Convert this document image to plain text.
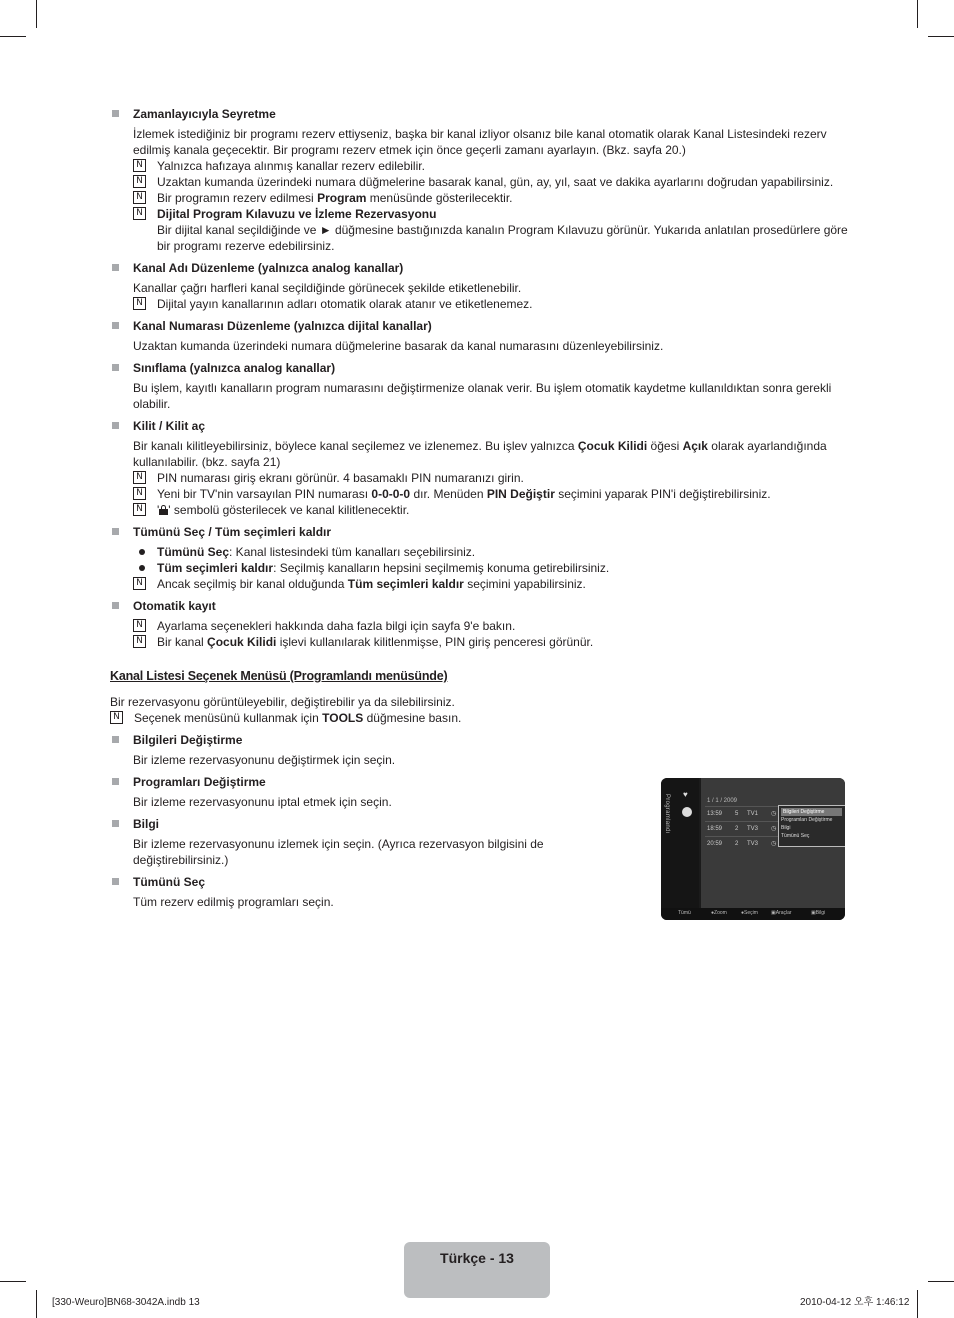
Zamanlayıcıyla Seyretme
İzlemek istediğiniz bir programı rezerv ettiyseniz, başka bir kanal izliyor olsanız bile kanal otomatik olarak Kanal Listesindeki rezerv edilmiş kanala geçecektir. Bir programı rezerv etmek için önce geçerli zamanı ayarlayın. (Bkz. sayfa 20.)
N Yalnızca hafızaya alınmış kanallar rezerv edilebilir.
N Uzaktan kumanda üzerindeki numara düğmelerine basarak kanal, gün, ay, yıl, saat ve dakika ayarlarını doğrudan yapabilirsiniz.
N Bir programın rezerv edilmesi Program menüsünde gösterilecektir.
N Dijital Program Kılavuzu ve İzleme Rezervasyonu
Bir dijital kanal seçildiğinde ve ► düğmesine bastığınızda kanalın Program Kılavuzu görünür. Yukarıda anlatılan prosedürlere göre bir programı rezerve edebilirsiniz.
Kanal Adı Düzenleme (yalnızca analog kanallar)
Kanallar çağrı harfleri kanal seçildiğinde görünecek şekilde etiketlenebilir.
N Dijital yayın kanallarının adları otomatik olarak atanır ve etiketlenemez.
Kanal Numarası Düzenleme (yalnızca dijital kanallar)
Uzaktan kumanda üzerindeki numara düğmelerine basarak da kanal numarasını düzenleyebilirsiniz.
Sınıflama (yalnızca analog kanallar)
Bu işlem, kayıtlı kanalların program numarasını değiştirmenize olanak verir. Bu işlem otomatik kaydetme kullanıldıktan sonra gerekli olabilir.
Kilit / Kilit aç
Bir kanalı kilitleyebilirsiniz, böylece kanal seçilemez ve izlenemez. Bu işlev yalnızca Çocuk Kilidi öğesi Açık olarak ayarlandığında kullanılabilir. (bkz. sayfa 21)
N PIN numarası giriş ekranı görünür. 4 basamaklı PIN numaranızı girin.
N Yeni bir TV'nin varsayılan PIN numarası 0-0-0-0 dır. Menüden PIN Değiştir seçimini yaparak PIN'i değiştirebilirsiniz.
N ' ' sembolü gösterilecek ve kanal kilitlenecektir.
Tümünü Seç / Tüm seçimleri kaldır
Tümünü Seç: Kanal listesindeki tüm kanalları seçebilirsiniz.
Tüm seçimleri kaldır: Seçilmiş kanalların hepsini seçilmemiş konuma getirebilirsiniz.
N Ancak seçilmiş bir kanal olduğunda Tüm seçimleri kaldır seçimini yapabilirsiniz.
Otomatik kayıt
N Ayarlama seçenekleri hakkında daha fazla bilgi için sayfa 9'e bakın.
N Bir kanal Çocuk Kilidi işlevi kullanılarak kilitlenmişse, PIN giriş penceresi görünür.
Kanal Listesi Seçenek Menüsü (Programlandı menüsünde)
Bir rezervasyonu görüntüleyebilir, değiştirebilir ya da silebilirsiniz.
N Seçenek menüsünü kullanmak için TOOLS düğmesine basın.
Bilgileri Değiştirme
Bir izleme rezervasyonunu değiştirmek için seçin.
Programları Değiştirme
Bir izleme rezervasyonunu iptal etmek için seçin.
Bilgi
Bir izleme rezervasyonunu izlemek için seçin. (Ayrıca rezervasyon bilgisini de değiştirebilirsiniz.)
Tümünü Seç
Tüm rezerv edilmiş programları seçin.
Programlandı ♥
1 / 1 / 2009
13:59 5 TV1 ◷
18:59 2 TV3 ◷
20:59 2 TV3 ◷
Bilgileri Değiştirme
Programları Değiştirme
Bilgi
Tümünü Seç
Tümü	● Zoom	● Seçim	▣ Araçlar	▣ Bilgi
Türkçe - 13
[330-Weuro]BN68-3042A.indb 13	2010-04-12 오후 1:46:12
